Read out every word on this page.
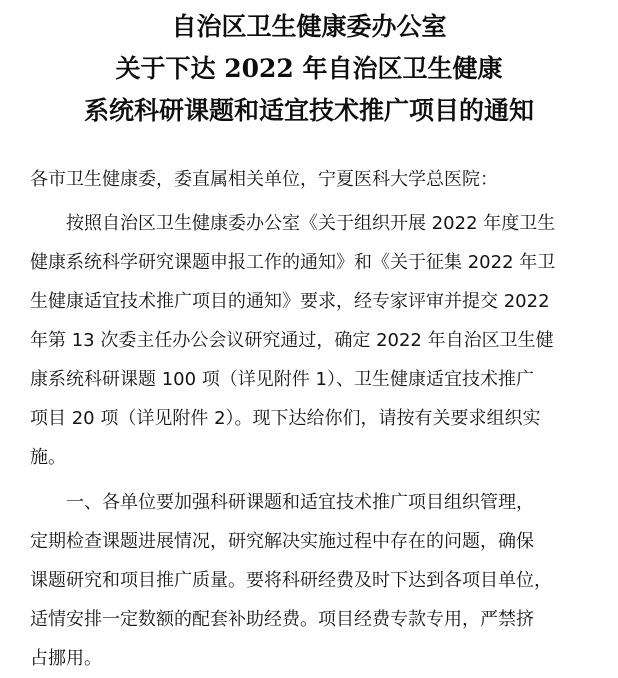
自治区卫生健康委办公室
关于下达 2022 年自治区卫生健康
系统科研课题和适宜技术推广项目的通知

各市卫生健康委，委直属相关单位，宁夏医科大学总医院：

按照自治区卫生健康委办公室《关于组织开展 2022 年度卫生
健康系统科学研究课题申报工作的通知》和《关于征集 2022 年卫
生健康适宜技术推广项目的通知》要求，经专家评审并提交 2022
年第 13 次委主任办公会议研究通过，确定 2022 年自治区卫生健
康系统科研课题 100 项（详见附件 1）、卫生健康适宜技术推广
项目 20 项（详见附件 2）。现下达给你们，请按有关要求组织实
施。
一、各单位要加强科研课题和适宜技术推广项目组织管理，
定期检查课题进展情况，研究解决实施过程中存在的问题，确保
课题研究和项目推广质量。要将科研经费及时下达到各项目单位，
适情安排一定数额的配套补助经费。项目经费专款专用，严禁挤
占挪用。
